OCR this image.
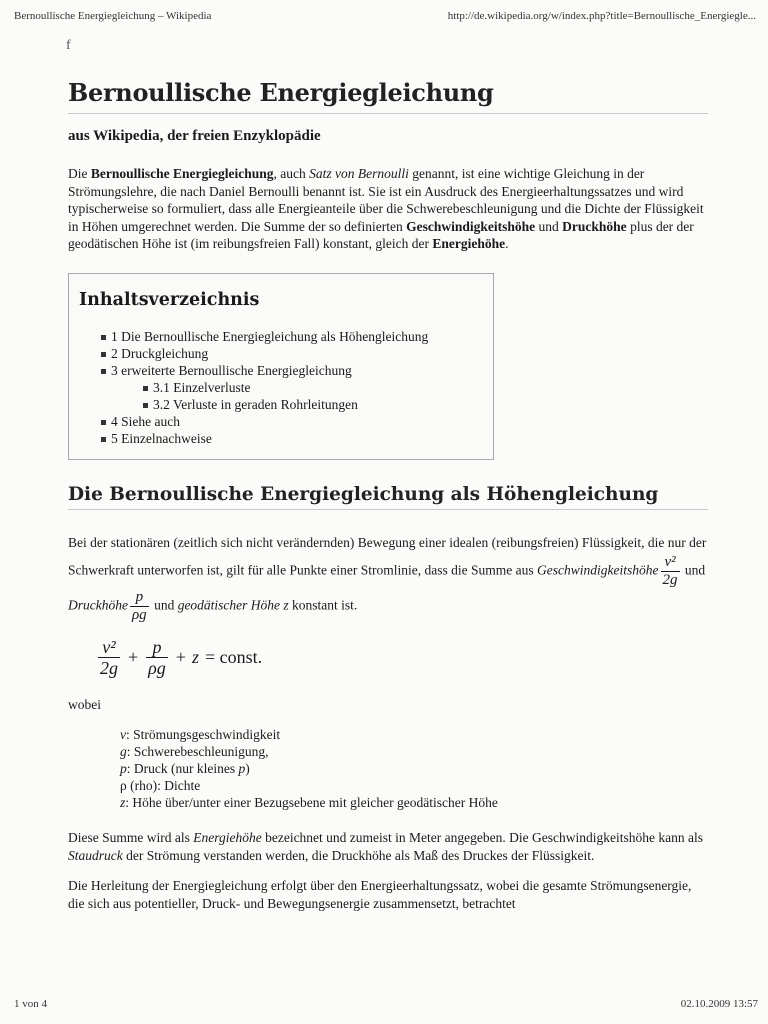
Bernoullische Energiegleichung – Wikipedia	http://de.wikipedia.org/w/index.php?title=Bernoullische_Energiegle...
f
Bernoullische Energiegleichung
aus Wikipedia, der freien Enzyklopädie

Die Bernoullische Energiegleichung, auch Satz von Bernoulli genannt, ist eine wichtige Gleichung in der Strömungslehre, die nach Daniel Bernoulli benannt ist. Sie ist ein Ausdruck des Energieerhaltungssatzes und wird typischerweise so formuliert, dass alle Energieanteile über die Schwerebeschleunigung und die Dichte der Flüssigkeit in Höhen umgerechnet werden. Die Summe der so definierten Geschwindigkeitshöhe und Druckhöhe plus der der geodätischen Höhe ist (im reibungsfreien Fall) konstant, gleich der Energiehöhe.

Inhaltsverzeichnis
1 Die Bernoullische Energiegleichung als Höhengleichung
2 Druckgleichung
3 erweiterte Bernoullische Energiegleichung
3.1 Einzelverluste
3.2 Verluste in geraden Rohrleitungen
4 Siehe auch
5 Einzelnachweise
Die Bernoullische Energiegleichung als Höhengleichung

Bei der stationären (zeitlich sich nicht verändernden) Bewegung einer idealen (reibungsfreien) Flüssigkeit, die nur der Schwerkraft unterworfen ist, gilt für alle Punkte einer Stromlinie, dass die Summe aus Geschwindigkeitshöhe $\frac{\text{v²}}{2g}$ und Druckhöhe $\frac{p}{\rho g}$ und geodätischer Höhe z konstant ist.

$\frac{\text{v²}}{2g} + \frac{p}{\rho g} + z$ = const.

wobei

v: Strömungsgeschwindigkeit
g: Schwerebeschleunigung,
p: Druck (nur kleines p)
ρ (rho): Dichte
z: Höhe über/unter einer Bezugsebene mit gleicher geodätischer Höhe

Diese Summe wird als Energiehöhe bezeichnet und zumeist in Meter angegeben. Die Geschwindigkeitshöhe kann als Staudruck der Strömung verstanden werden, die Druckhöhe als Maß des Druckes der Flüssigkeit.

Die Herleitung der Energiegleichung erfolgt über den Energieerhaltungssatz, wobei die gesamte Strömungsenergie, die sich aus potentieller, Druck- und Bewegungsenergie zusammensetzt, betrachtet

1 von 4	02.10.2009 13:57
